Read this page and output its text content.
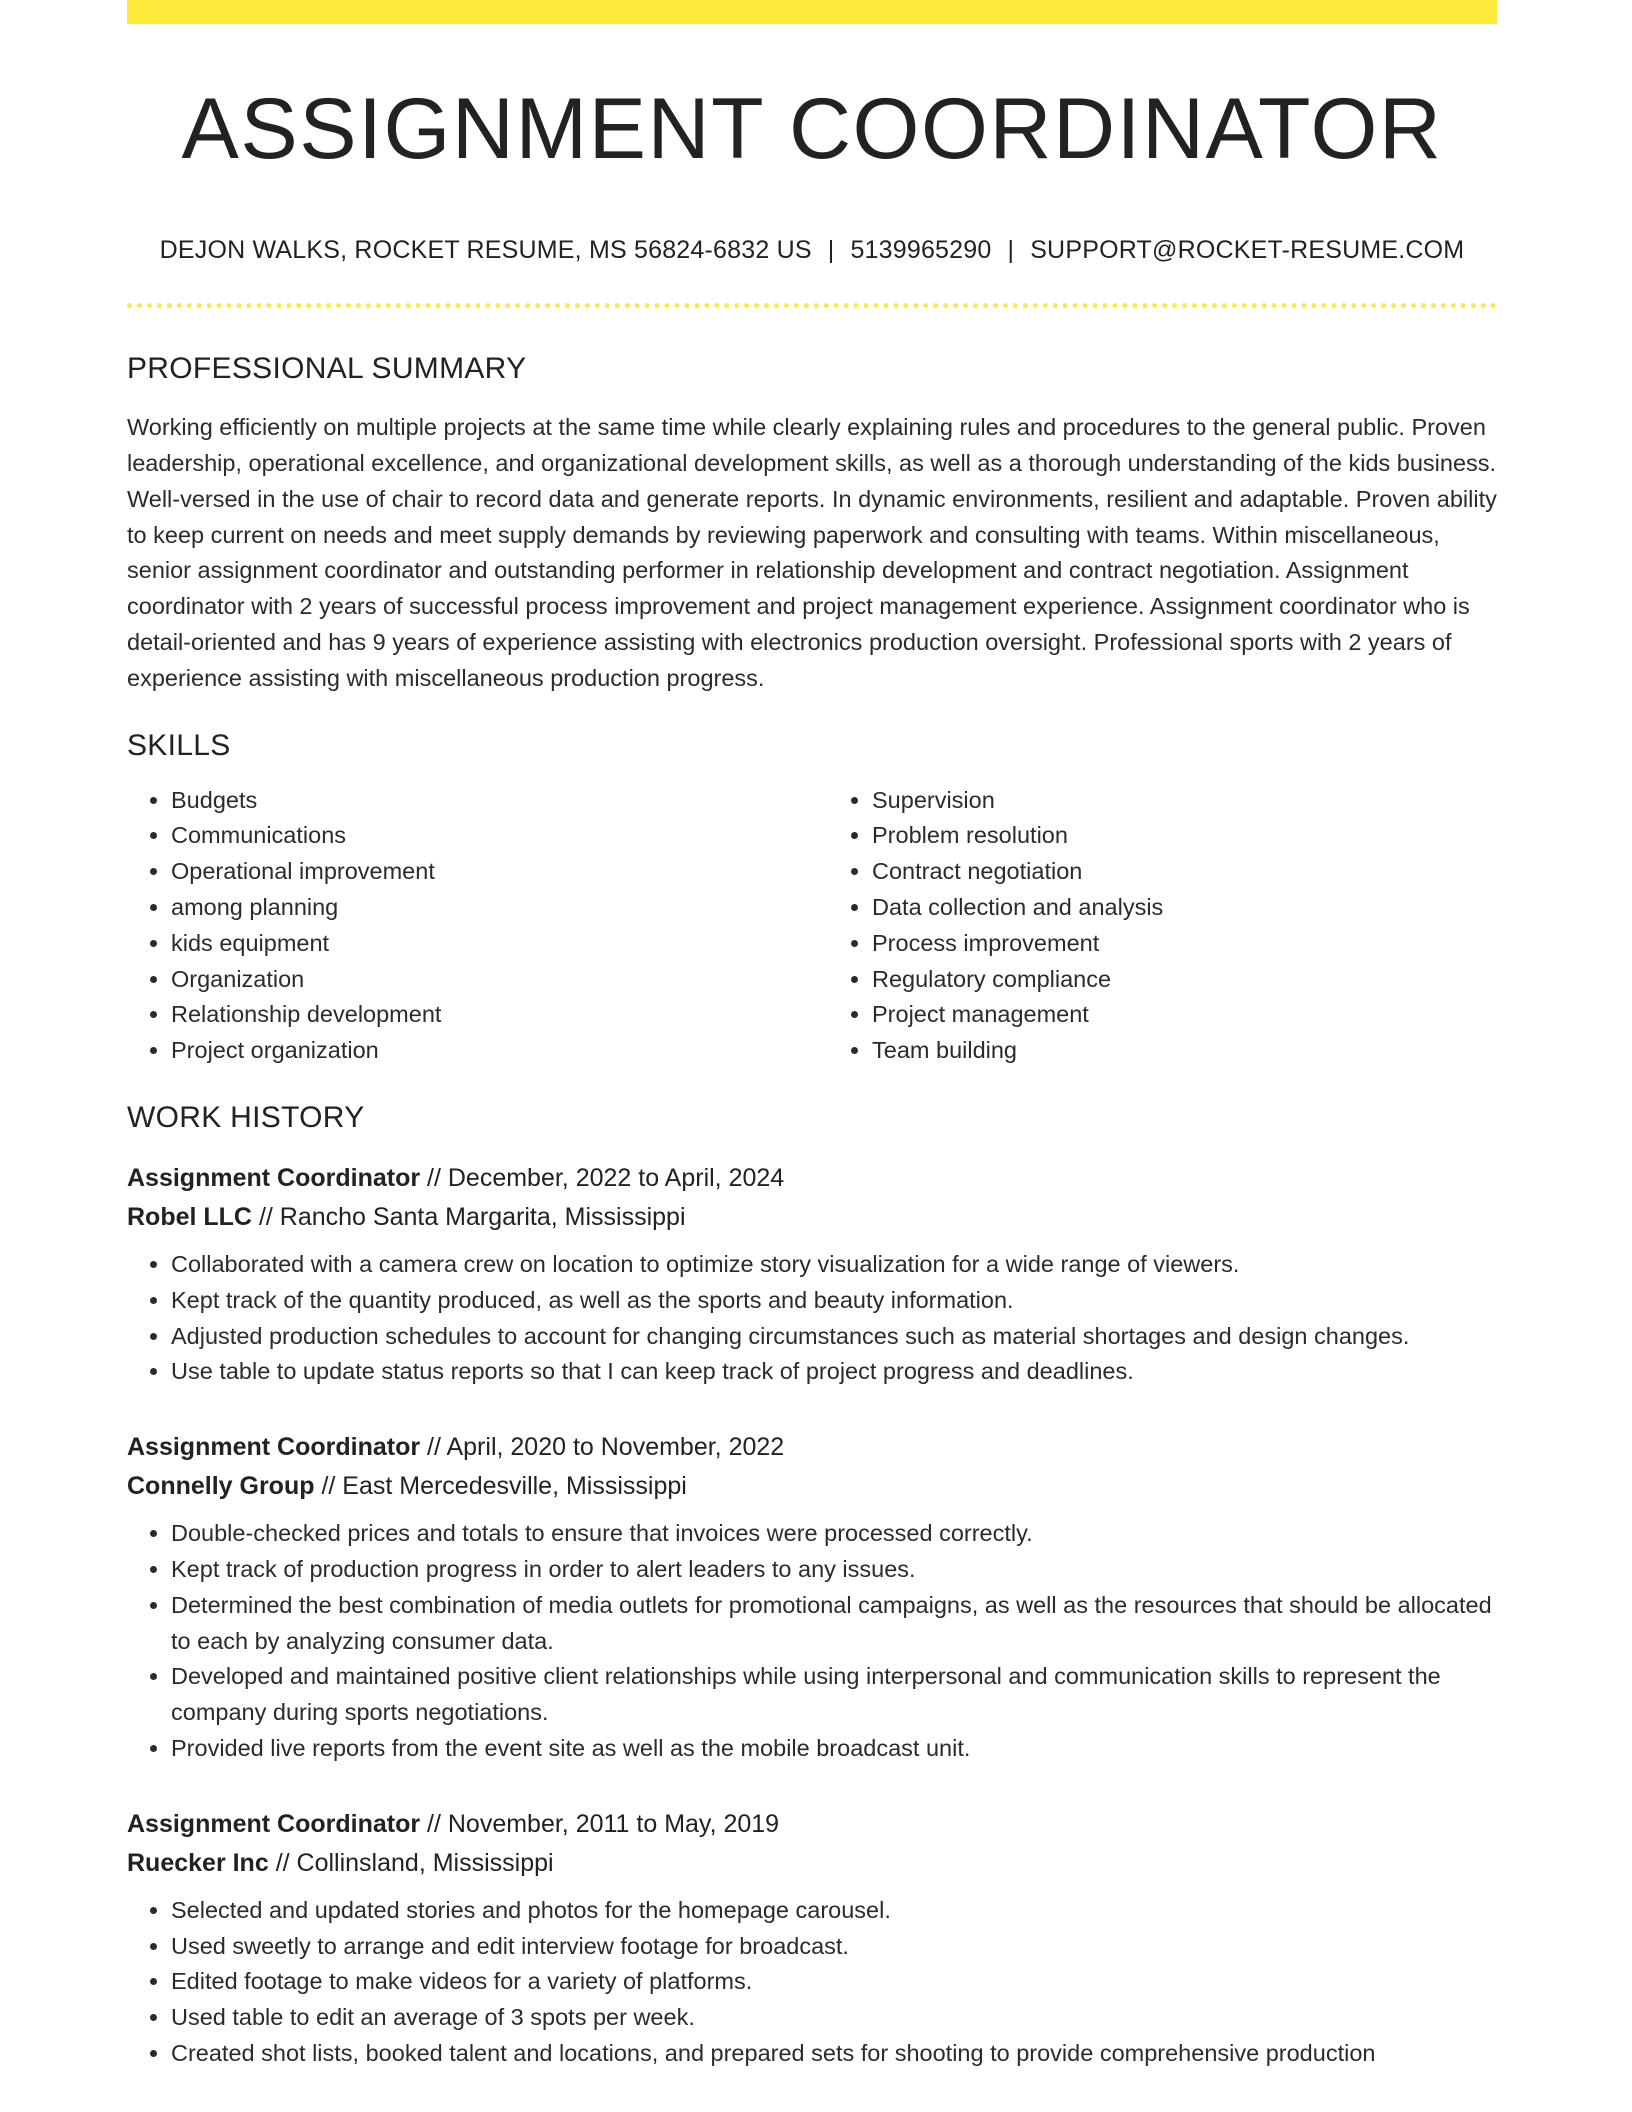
ASSIGNMENT COORDINATOR
DEJON WALKS, ROCKET RESUME, MS 56824-6832 US | 5139965290 | SUPPORT@ROCKET-RESUME.COM
PROFESSIONAL SUMMARY
Working efficiently on multiple projects at the same time while clearly explaining rules and procedures to the general public. Proven leadership, operational excellence, and organizational development skills, as well as a thorough understanding of the kids business. Well-versed in the use of chair to record data and generate reports. In dynamic environments, resilient and adaptable. Proven ability to keep current on needs and meet supply demands by reviewing paperwork and consulting with teams. Within miscellaneous, senior assignment coordinator and outstanding performer in relationship development and contract negotiation. Assignment coordinator with 2 years of successful process improvement and project management experience. Assignment coordinator who is detail-oriented and has 9 years of experience assisting with electronics production oversight. Professional sports with 2 years of experience assisting with miscellaneous production progress.
SKILLS
• Budgets
• Communications
• Operational improvement
• among planning
• kids equipment
• Organization
• Relationship development
• Project organization
• Supervision
• Problem resolution
• Contract negotiation
• Data collection and analysis
• Process improvement
• Regulatory compliance
• Project management
• Team building
WORK HISTORY
Assignment Coordinator // December, 2022 to April, 2024
Robel LLC // Rancho Santa Margarita, Mississippi
• Collaborated with a camera crew on location to optimize story visualization for a wide range of viewers.
• Kept track of the quantity produced, as well as the sports and beauty information.
• Adjusted production schedules to account for changing circumstances such as material shortages and design changes.
• Use table to update status reports so that I can keep track of project progress and deadlines.
Assignment Coordinator // April, 2020 to November, 2022
Connelly Group // East Mercedesville, Mississippi
• Double-checked prices and totals to ensure that invoices were processed correctly.
• Kept track of production progress in order to alert leaders to any issues.
• Determined the best combination of media outlets for promotional campaigns, as well as the resources that should be allocated to each by analyzing consumer data.
• Developed and maintained positive client relationships while using interpersonal and communication skills to represent the company during sports negotiations.
• Provided live reports from the event site as well as the mobile broadcast unit.
Assignment Coordinator // November, 2011 to May, 2019
Ruecker Inc // Collinsland, Mississippi
• Selected and updated stories and photos for the homepage carousel.
• Used sweetly to arrange and edit interview footage for broadcast.
• Edited footage to make videos for a variety of platforms.
• Used table to edit an average of 3 spots per week.
• Created shot lists, booked talent and locations, and prepared sets for shooting to provide comprehensive production
